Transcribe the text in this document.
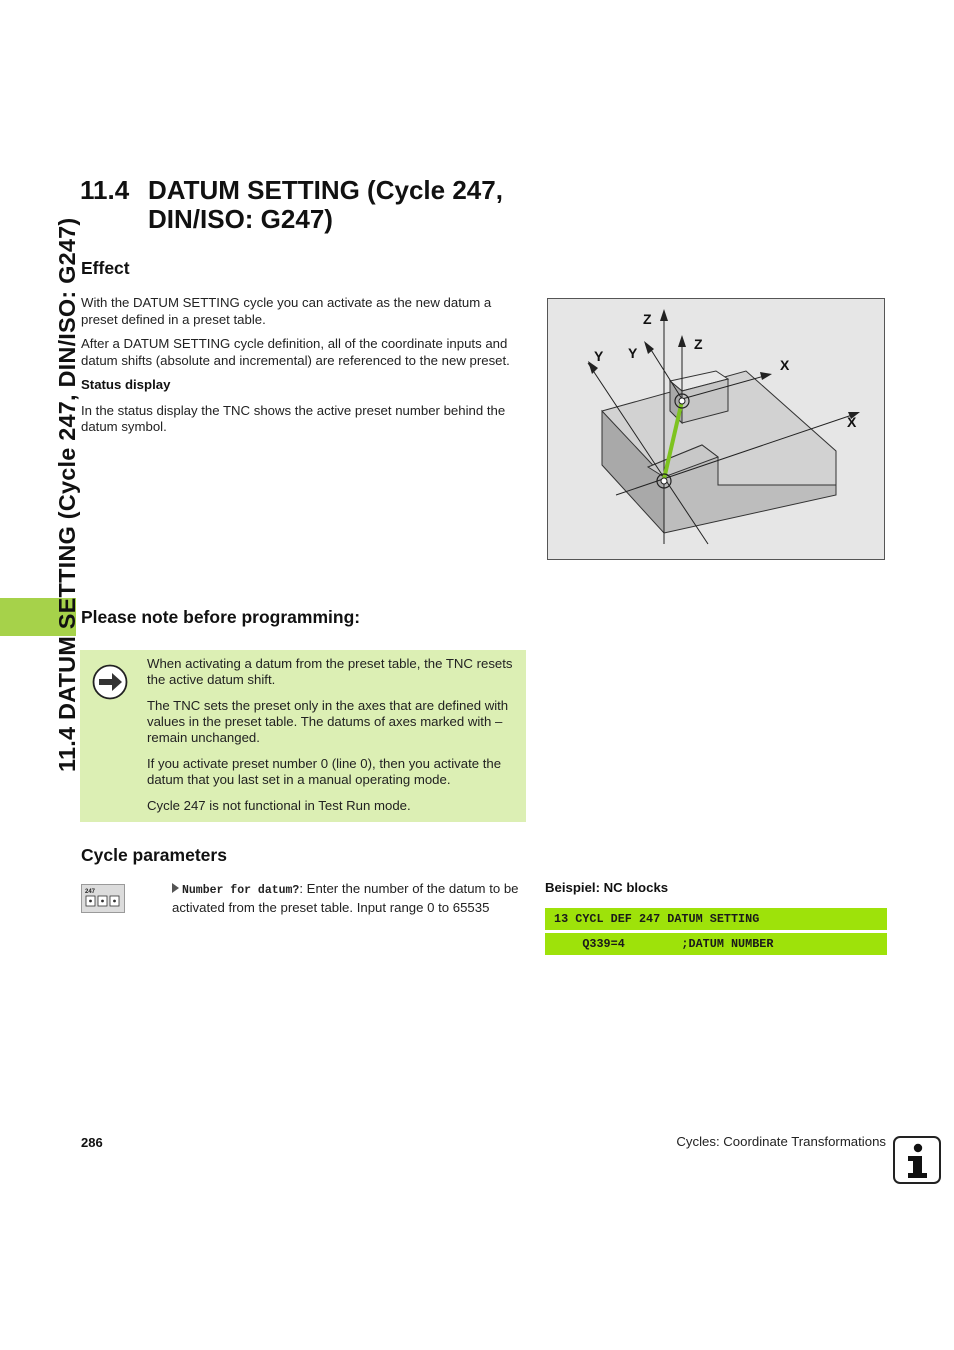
11.4 DATUM SETTING (Cycle 247, DIN/ISO: G247)
11.4 DATUM SETTING (Cycle 247,
DIN/ISO: G247)
Effect

With the DATUM SETTING cycle you can activate as the new datum a preset defined in a preset table.

After a DATUM SETTING cycle definition, all of the coordinate inputs and datum shifts (absolute and incremental) are referenced to the new preset.

Status display

In the status display the TNC shows the active preset number behind the datum symbol.

Z
Y Y
Z
X
X
Please note before programming:

When activating a datum from the preset table, the TNC resets the active datum shift.

The TNC sets the preset only in the axes that are defined with values in the preset table. The datums of axes marked with – remain unchanged.

If you activate preset number 0 (line 0), then you activate the datum that you last set in a manual operating mode.

Cycle 247 is not functional in Test Run mode.

Cycle parameters
247	Number for datum?: Enter the number of the datum to be activated from the preset table. Input range 0 to 65535
Beispiel: NC blocks
13 CYCL DEF 247 DATUM SETTING
Q339=4        ;DATUM NUMBER
286	Cycles: Coordinate Transformations
